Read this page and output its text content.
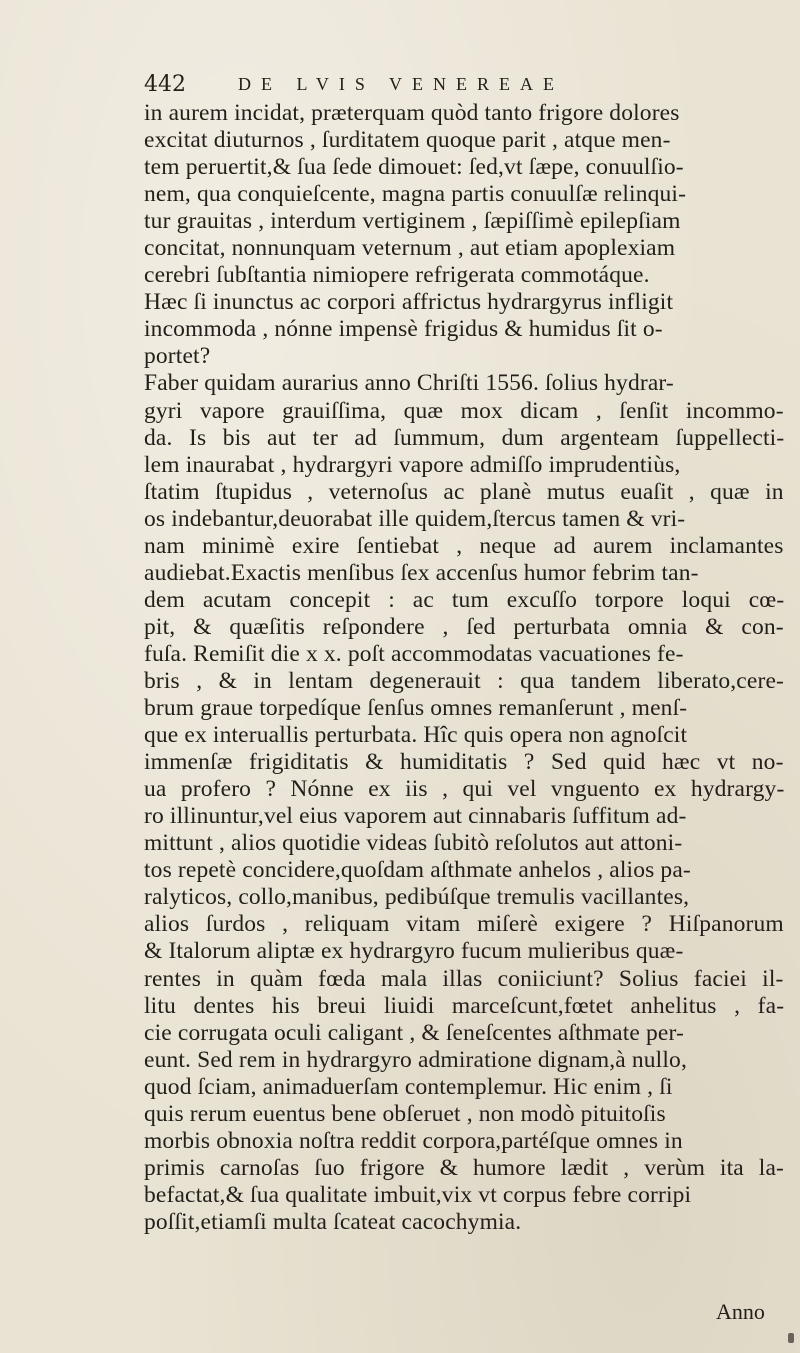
442	DE LVIS VENEREAE
in aurem incidat, præterquam quòd tanto frigore dolores
excitat diuturnos , ſurditatem quoque parit , atque men-
tem peruertit,& ſua ſede dimouet: ſed,vt ſæpe, conuulſio-
nem, qua conquieſcente, magna partis conuulſæ relinqui-
tur grauitas , interdum vertiginem , ſæpiſſimè epilepſiam
concitat, nonnunquam veternum , aut etiam apoplexiam
cerebri ſubſtantia nimiopere refrigerata commotáque.
Hæc ſi inunctus ac corpori affrictus hydrargyrus infligit
incommoda , nónne impensè frigidus & humidus ſit o-
portet?
Faber quidam aurarius anno Chriſti 1556. ſolius hydrar-
gyri vapore grauiſſima, quæ mox dicam , ſenſit incommo-
da. Is bis aut ter ad ſummum, dum argenteam ſuppellecti-
lem inaurabat , hydrargyri vapore admiſſo imprudentiùs,
ſtatim ſtupidus , veternoſus ac planè mutus euaſit , quæ in
os indebantur,deuorabat ille quidem,ſtercus tamen & vri-
nam minimè exire ſentiebat , neque ad aurem inclamantes
audiebat.Exactis menſibus ſex accenſus humor febrim tan-
dem acutam concepit : ac tum excuſſo torpore loqui cœ-
pit, & quæſitis reſpondere , ſed perturbata omnia & con-
fuſa. Remiſit die x x. poſt accommodatas vacuationes fe-
bris , & in lentam degenerauit : qua tandem liberato,cere-
brum graue torpedíque ſenſus omnes remanſerunt , menſ-
que ex interuallis perturbata. Hîc quis opera non agnoſcit
immenſæ frigiditatis & humiditatis ? Sed quid hæc vt no-
ua profero ? Nónne ex iis , qui vel vnguento ex hydrargy-
ro illinuntur,vel eius vaporem aut cinnabaris ſuffitum ad-
mittunt , alios quotidie videas ſubitò reſolutos aut attoni-
tos repetè concidere,quoſdam aſthmate anhelos , alios pa-
ralyticos, collo,manibus, pedibúſque tremulis vacillantes,
alios ſurdos , reliquam vitam miſerè exigere ? Hiſpanorum
& Italorum aliptæ ex hydrargyro fucum mulieribus quæ-
rentes in quàm fœda mala illas coniiciunt? Solius faciei il-
litu dentes his breui liuidi marceſcunt,fœtet anhelitus , fa-
cie corrugata oculi caligant , & ſeneſcentes aſthmate per-
eunt. Sed rem in hydrargyro admiratione dignam,à nullo,
quod ſciam, animaduerſam contemplemur. Hic enim , ſi
quis rerum euentus bene obſeruet , non modò pituitoſis
morbis obnoxia noſtra reddit corpora,partéſque omnes in
primis carnoſas ſuo frigore & humore lædit , verùm ita la-
befactat,& ſua qualitate imbuit,vix vt corpus febre corripi
poſſit,etiamſi multa ſcateat cacochymia.
Anno
